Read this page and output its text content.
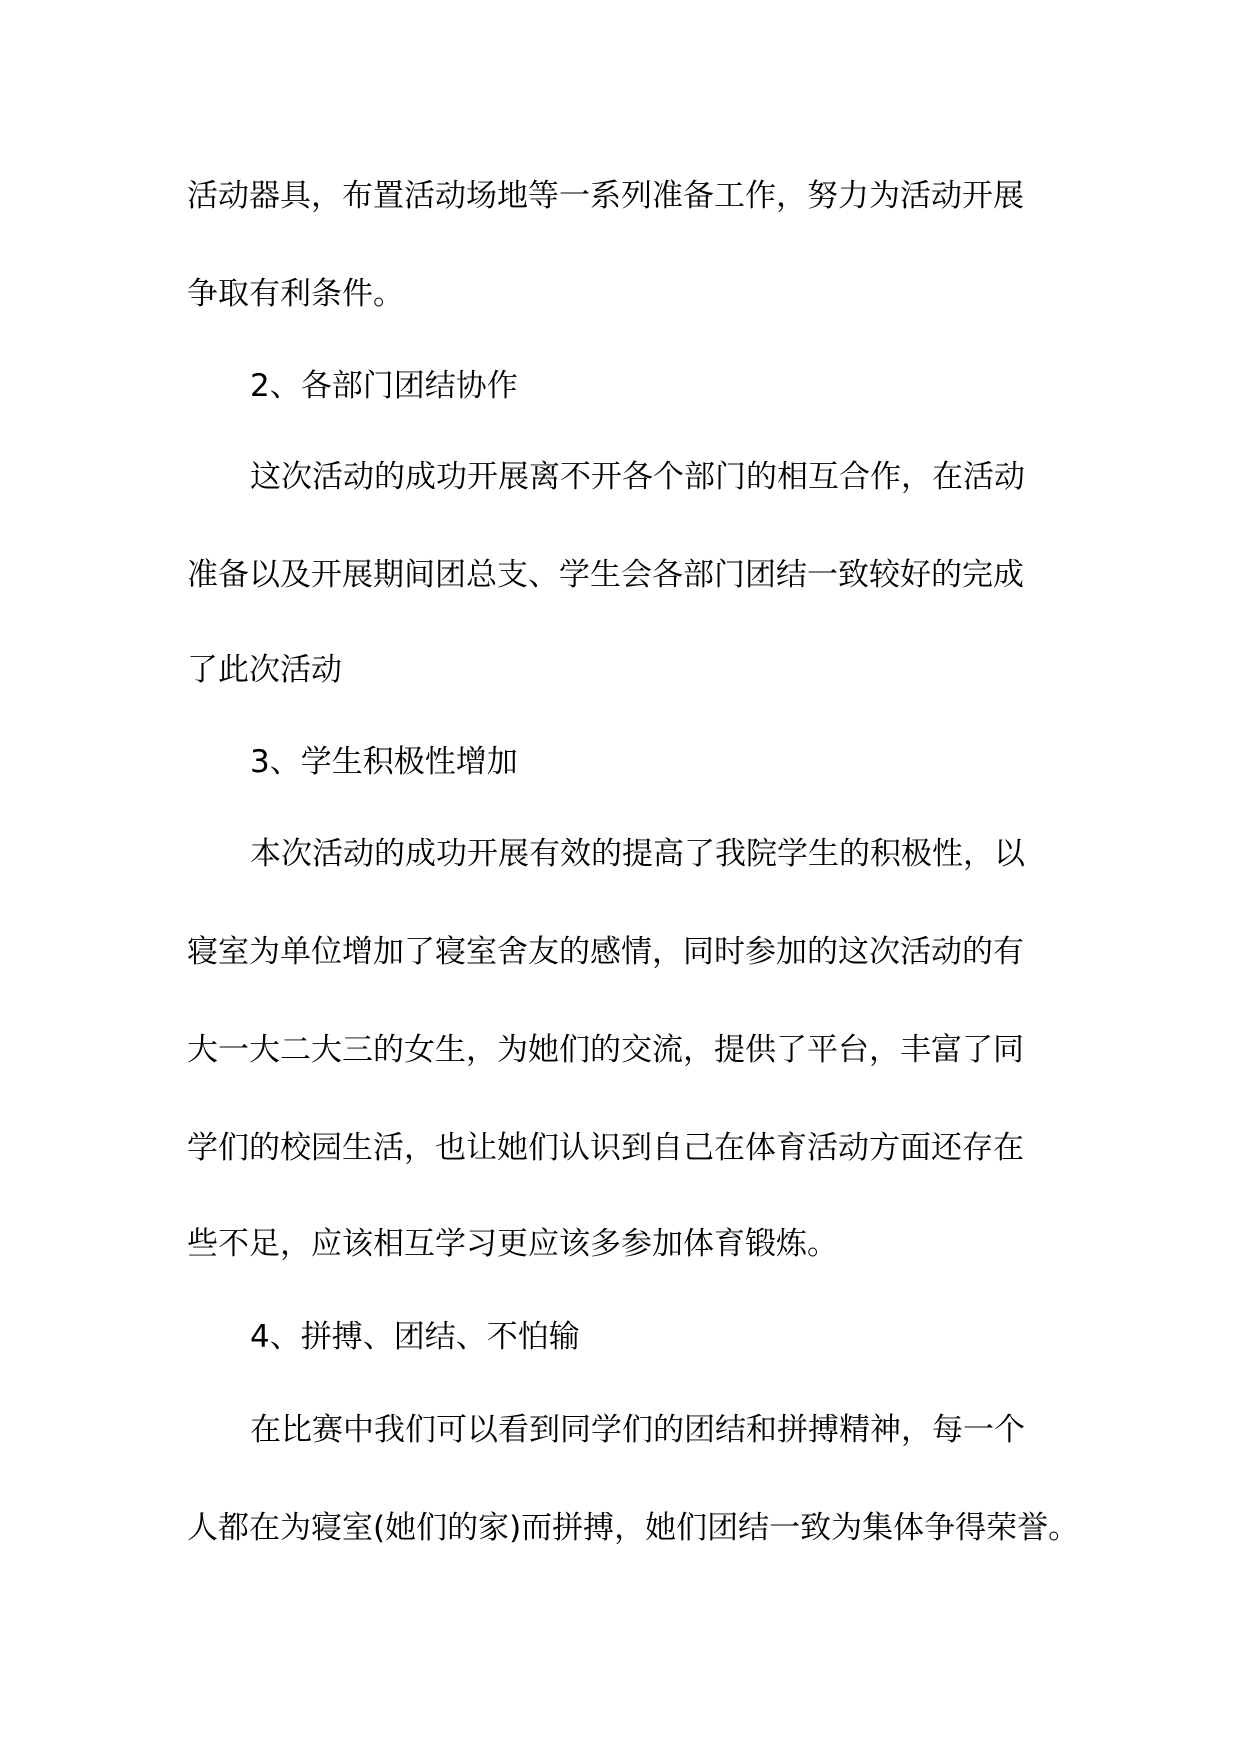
活动器具，布置活动场地等一系列准备工作，努力为活动开展
争取有利条件。
2、各部门团结协作
这次活动的成功开展离不开各个部门的相互合作，在活动
准备以及开展期间团总支、学生会各部门团结一致较好的完成
了此次活动
3、学生积极性增加
本次活动的成功开展有效的提高了我院学生的积极性，以
寝室为单位增加了寝室舍友的感情，同时参加的这次活动的有
大一大二大三的女生，为她们的交流，提供了平台，丰富了同
学们的校园生活，也让她们认识到自己在体育活动方面还存在
些不足，应该相互学习更应该多参加体育锻炼。
4、拼搏、团结、不怕输
在比赛中我们可以看到同学们的团结和拼搏精神，每一个
人都在为寝室(她们的家)而拼搏，她们团结一致为集体争得荣誉。
